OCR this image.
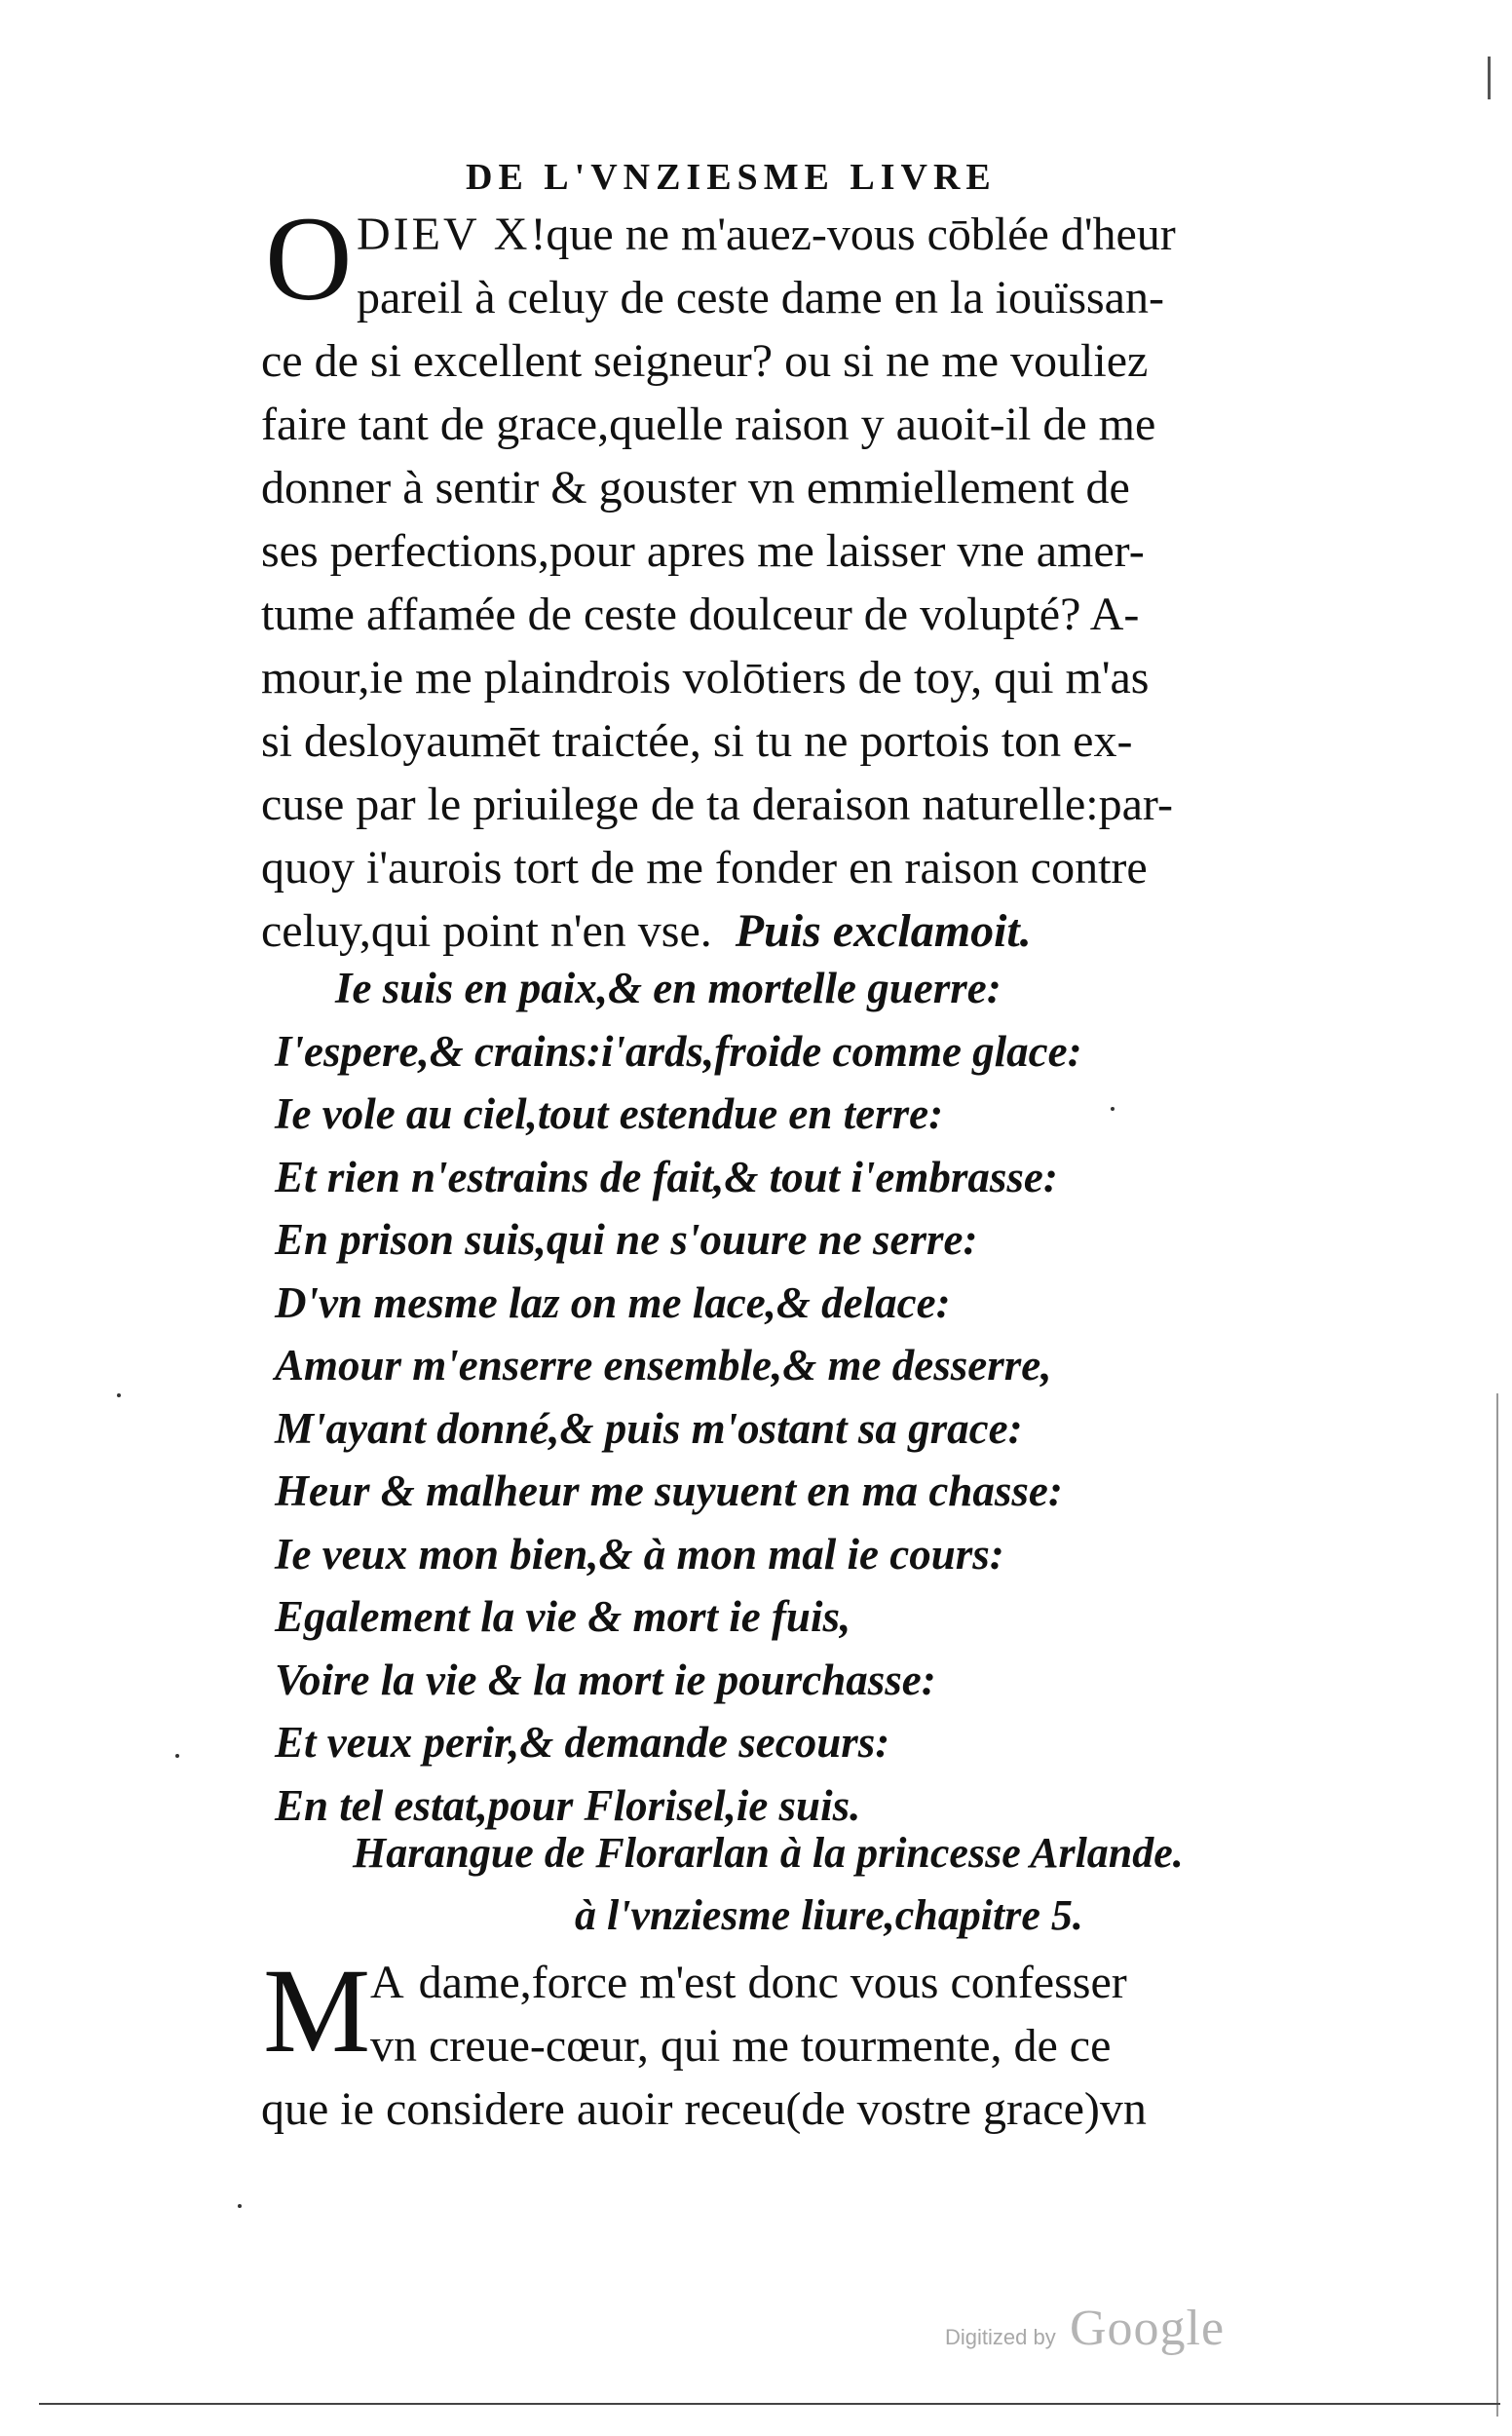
DE L'VNZIESME LIVRE
O DIEV X!que ne m'auez-vous cōblée d'heur
pareil à celuy de ceste dame en la iouïssan-
ce de si excellent seigneur? ou si ne me vouliez
faire tant de grace,quelle raison y auoit-il de me
donner à sentir & gouster vn emmiellement de
ses perfections,pour apres me laisser vne amer-
tume affamée de ceste doulceur de volupté? A-
mour,ie me plaindrois volōtiers de toy, qui m'as
si desloyaumēt traictée, si tu ne portois ton ex-
cuse par le priuilege de ta deraison naturelle:par-
quoy i'aurois tort de me fonder en raison contre
celuy,qui point n'en vse. Puis exclamoit.
Ie suis en paix,& en mortelle guerre:
I'espere,& crains:i'ards,froide comme glace:
Ie vole au ciel,tout estendue en terre:
Et rien n'estrains de fait,& tout i'embrasse:
En prison suis,qui ne s'ouure ne serre:
D'vn mesme laz on me lace,& delace:
Amour m'enserre ensemble,& me desserre,
M'ayant donné,& puis m'ostant sa grace:
Heur & malheur me suyuent en ma chasse:
Ie veux mon bien,& à mon mal ie cours:
Egalement la vie & mort ie fuis,
Voire la vie & la mort ie pourchasse:
Et veux perir,& demande secours:
En tel estat,pour Florisel,ie suis.
Harangue de Florarlan à la princesse Arlande.
à l'vnziesme liure,chapitre 5.
M A dame,force m'est donc vous confesser
vn creue-cœur, qui me tourmente, de ce
que ie considere auoir receu(de vostre grace)vn
Digitized by Google
